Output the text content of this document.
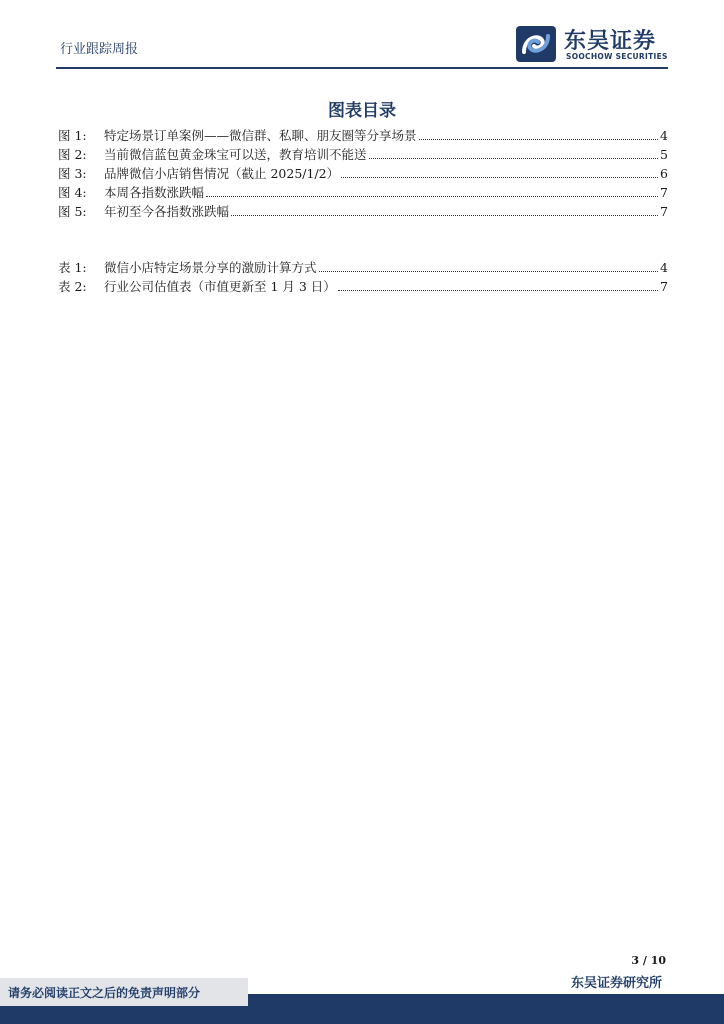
行业跟踪周报	东吴证券
SOOCHOW SECURITIES
图表目录
图 1:	特定场景订单案例——微信群、私聊、朋友圈等分享场景	4
图 2:	当前微信蓝包黄金珠宝可以送，教育培训不能送	5
图 3:	品牌微信小店销售情况（截止 2025/1/2）	6
图 4:	本周各指数涨跌幅	7
图 5:	年初至今各指数涨跌幅	7
表 1:	微信小店特定场景分享的激励计算方式	4
表 2:	行业公司估值表（市值更新至 1 月 3 日）	7
3 / 10
东吴证券研究所
请务必阅读正文之后的免责声明部分
